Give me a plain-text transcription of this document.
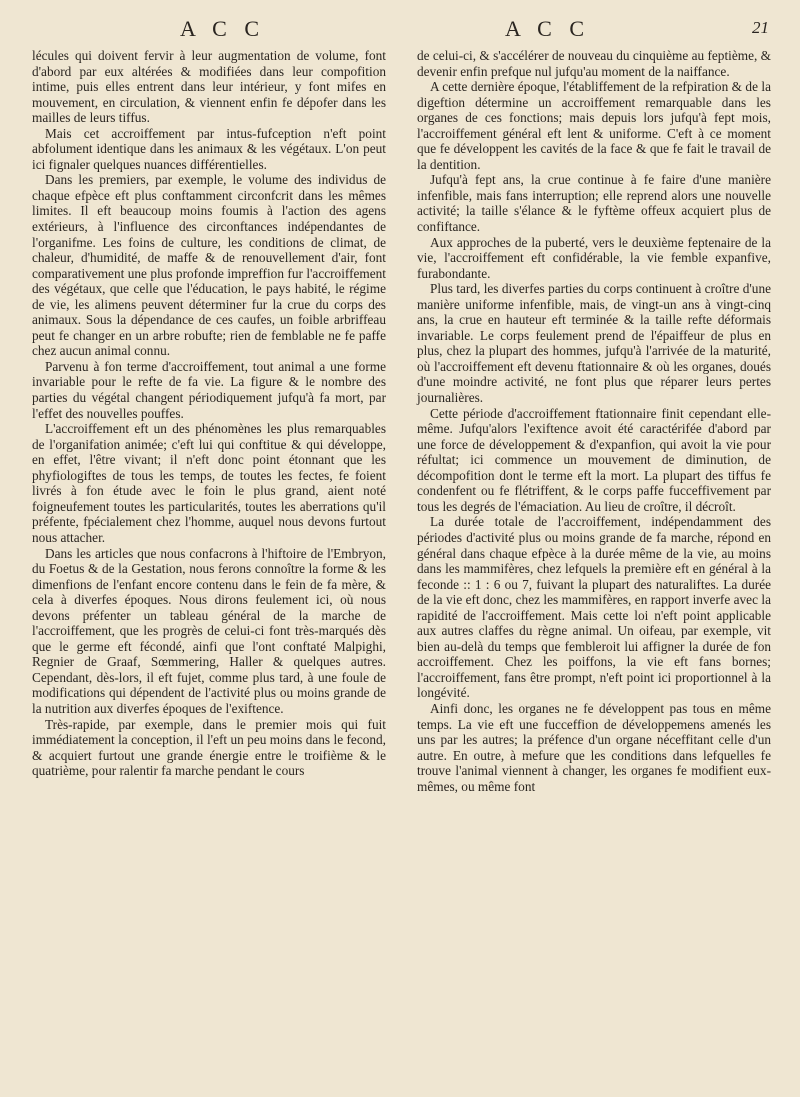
A C C	A C C	21

lécules qui doivent fervir à leur augmentation de volume, font d'abord par eux altérées & modifiées dans leur compofition intime, puis elles entrent dans leur intérieur, y font mifes en mouvement, en circulation, & viennent enfin fe dépofer dans les mailles de leurs tiffus.

Mais cet accroiffement par intus-fufception n'eft point abfolument identique dans les animaux & les végétaux. L'on peut ici fignaler quelques nuances différentielles.

Dans les premiers, par exemple, le volume des individus de chaque efpèce eft plus conftamment circonfcrit dans les mêmes limites. Il eft beaucoup moins foumis à l'action des agens extérieurs, à l'influence des circonftances indépendantes de l'organifme. Les foins de culture, les conditions de climat, de chaleur, d'humidité, de maffe & de renouvellement d'air, font comparativement une plus profonde impreffion fur l'accroiffement des végétaux, que celle que l'éducation, le pays habité, le régime de vie, les alimens peuvent déterminer fur la crue du corps des animaux. Sous la dépendance de ces caufes, un foible arbriffeau peut fe changer en un arbre robufte; rien de femblable ne fe paffe chez aucun animal connu.

Parvenu à fon terme d'accroiffement, tout animal a une forme invariable pour le refte de fa vie. La figure & le nombre des parties du végétal changent périodiquement jufqu'à fa mort, par l'effet des nouvelles pouffes.

L'accroiffement eft un des phénomènes les plus remarquables de l'organifation animée; c'eft lui qui conftitue & qui développe, en effet, l'être vivant; il n'eft donc point étonnant que les phyfiologiftes de tous les temps, de toutes les fectes, fe foient livrés à fon étude avec le foin le plus grand, aient noté foigneufement toutes les particularités, toutes les aberrations qu'il préfente, fpécialement chez l'homme, auquel nous devons furtout nous attacher.

Dans les articles que nous confacrons à l'hiftoire de l'Embryon, du Foetus & de la Gestation, nous ferons connoître la forme & les dimenfions de l'enfant encore contenu dans le fein de fa mère, & cela à diverfes époques. Nous dirons feulement ici, où nous devons préfenter un tableau général de la marche de l'accroiffement, que les progrès de celui-ci font très-marqués dès que le germe eft fécondé, ainfi que l'ont conftaté Malpighi, Regnier de Graaf, Sœmmering, Haller & quelques autres. Cependant, dès-lors, il eft fujet, comme plus tard, à une foule de modifications qui dépendent de l'activité plus ou moins grande de la nutrition aux diverfes époques de l'exiftence.

Très-rapide, par exemple, dans le premier mois qui fuit immédiatement la conception, il l'eft un peu moins dans le fecond, & acquiert furtout une grande énergie entre le troifième & le quatrième, pour ralentir fa marche pendant le cours

de celui-ci, & s'accélérer de nouveau du cinquième au feptième, & devenir enfin prefque nul jufqu'au moment de la naiffance.

A cette dernière époque, l'établiffement de la refpiration & de la digeftion détermine un accroiffement remarquable dans les organes de ces fonctions; mais depuis lors jufqu'à fept mois, l'accroiffement général eft lent & uniforme. C'eft à ce moment que fe développent les cavités de la face & que fe fait le travail de la dentition.

Jufqu'à fept ans, la crue continue à fe faire d'une manière infenfible, mais fans interruption; elle reprend alors une nouvelle activité; la taille s'élance & le fyftème offeux acquiert plus de confiftance.

Aux approches de la puberté, vers le deuxième feptenaire de la vie, l'accroiffement eft confidérable, la vie femble expanfive, furabondante.

Plus tard, les diverfes parties du corps continuent à croître d'une manière uniforme infenfible, mais, de vingt-un ans à vingt-cinq ans, la crue en hauteur eft terminée & la taille refte déformais invariable. Le corps feulement prend de l'épaiffeur de plus en plus, chez la plupart des hommes, jufqu'à l'arrivée de la maturité, où l'accroiffement eft devenu ftationnaire & où les organes, doués d'une moindre activité, ne font plus que réparer leurs pertes journalières.

Cette période d'accroiffement ftationnaire finit cependant elle-même. Jufqu'alors l'exiftence avoit été caractérifée d'abord par une force de développement & d'expanfion, qui avoit la vie pour réfultat; ici commence un mouvement de diminution, de décompofition dont le terme eft la mort. La plupart des tiffus fe condenfent ou fe flétriffent, & le corps paffe fucceffivement par tous les degrés de l'émaciation. Au lieu de croître, il décroît.

La durée totale de l'accroiffement, indépendamment des périodes d'activité plus ou moins grande de fa marche, répond en général dans chaque efpèce à la durée même de la vie, au moins dans les mammifères, chez lefquels la première eft en général à la feconde :: 1 : 6 ou 7, fuivant la plupart des naturaliftes. La durée de la vie eft donc, chez les mammifères, en rapport inverfe avec la rapidité de l'accroiffement. Mais cette loi n'eft point applicable aux autres claffes du règne animal. Un oifeau, par exemple, vit bien au-delà du temps que fembleroit lui affigner la durée de fon accroiffement. Chez les poiffons, la vie eft fans bornes; l'accroiffement, fans être prompt, n'eft point ici proportionnel à la longévité.

Ainfi donc, les organes ne fe développent pas tous en même temps. La vie eft une fucceffion de développemens amenés les uns par les autres; la préfence d'un organe néceffitant celle d'un autre. En outre, à mefure que les conditions dans lefquelles fe trouve l'animal viennent à changer, les organes fe modifient eux-mêmes, ou même font
